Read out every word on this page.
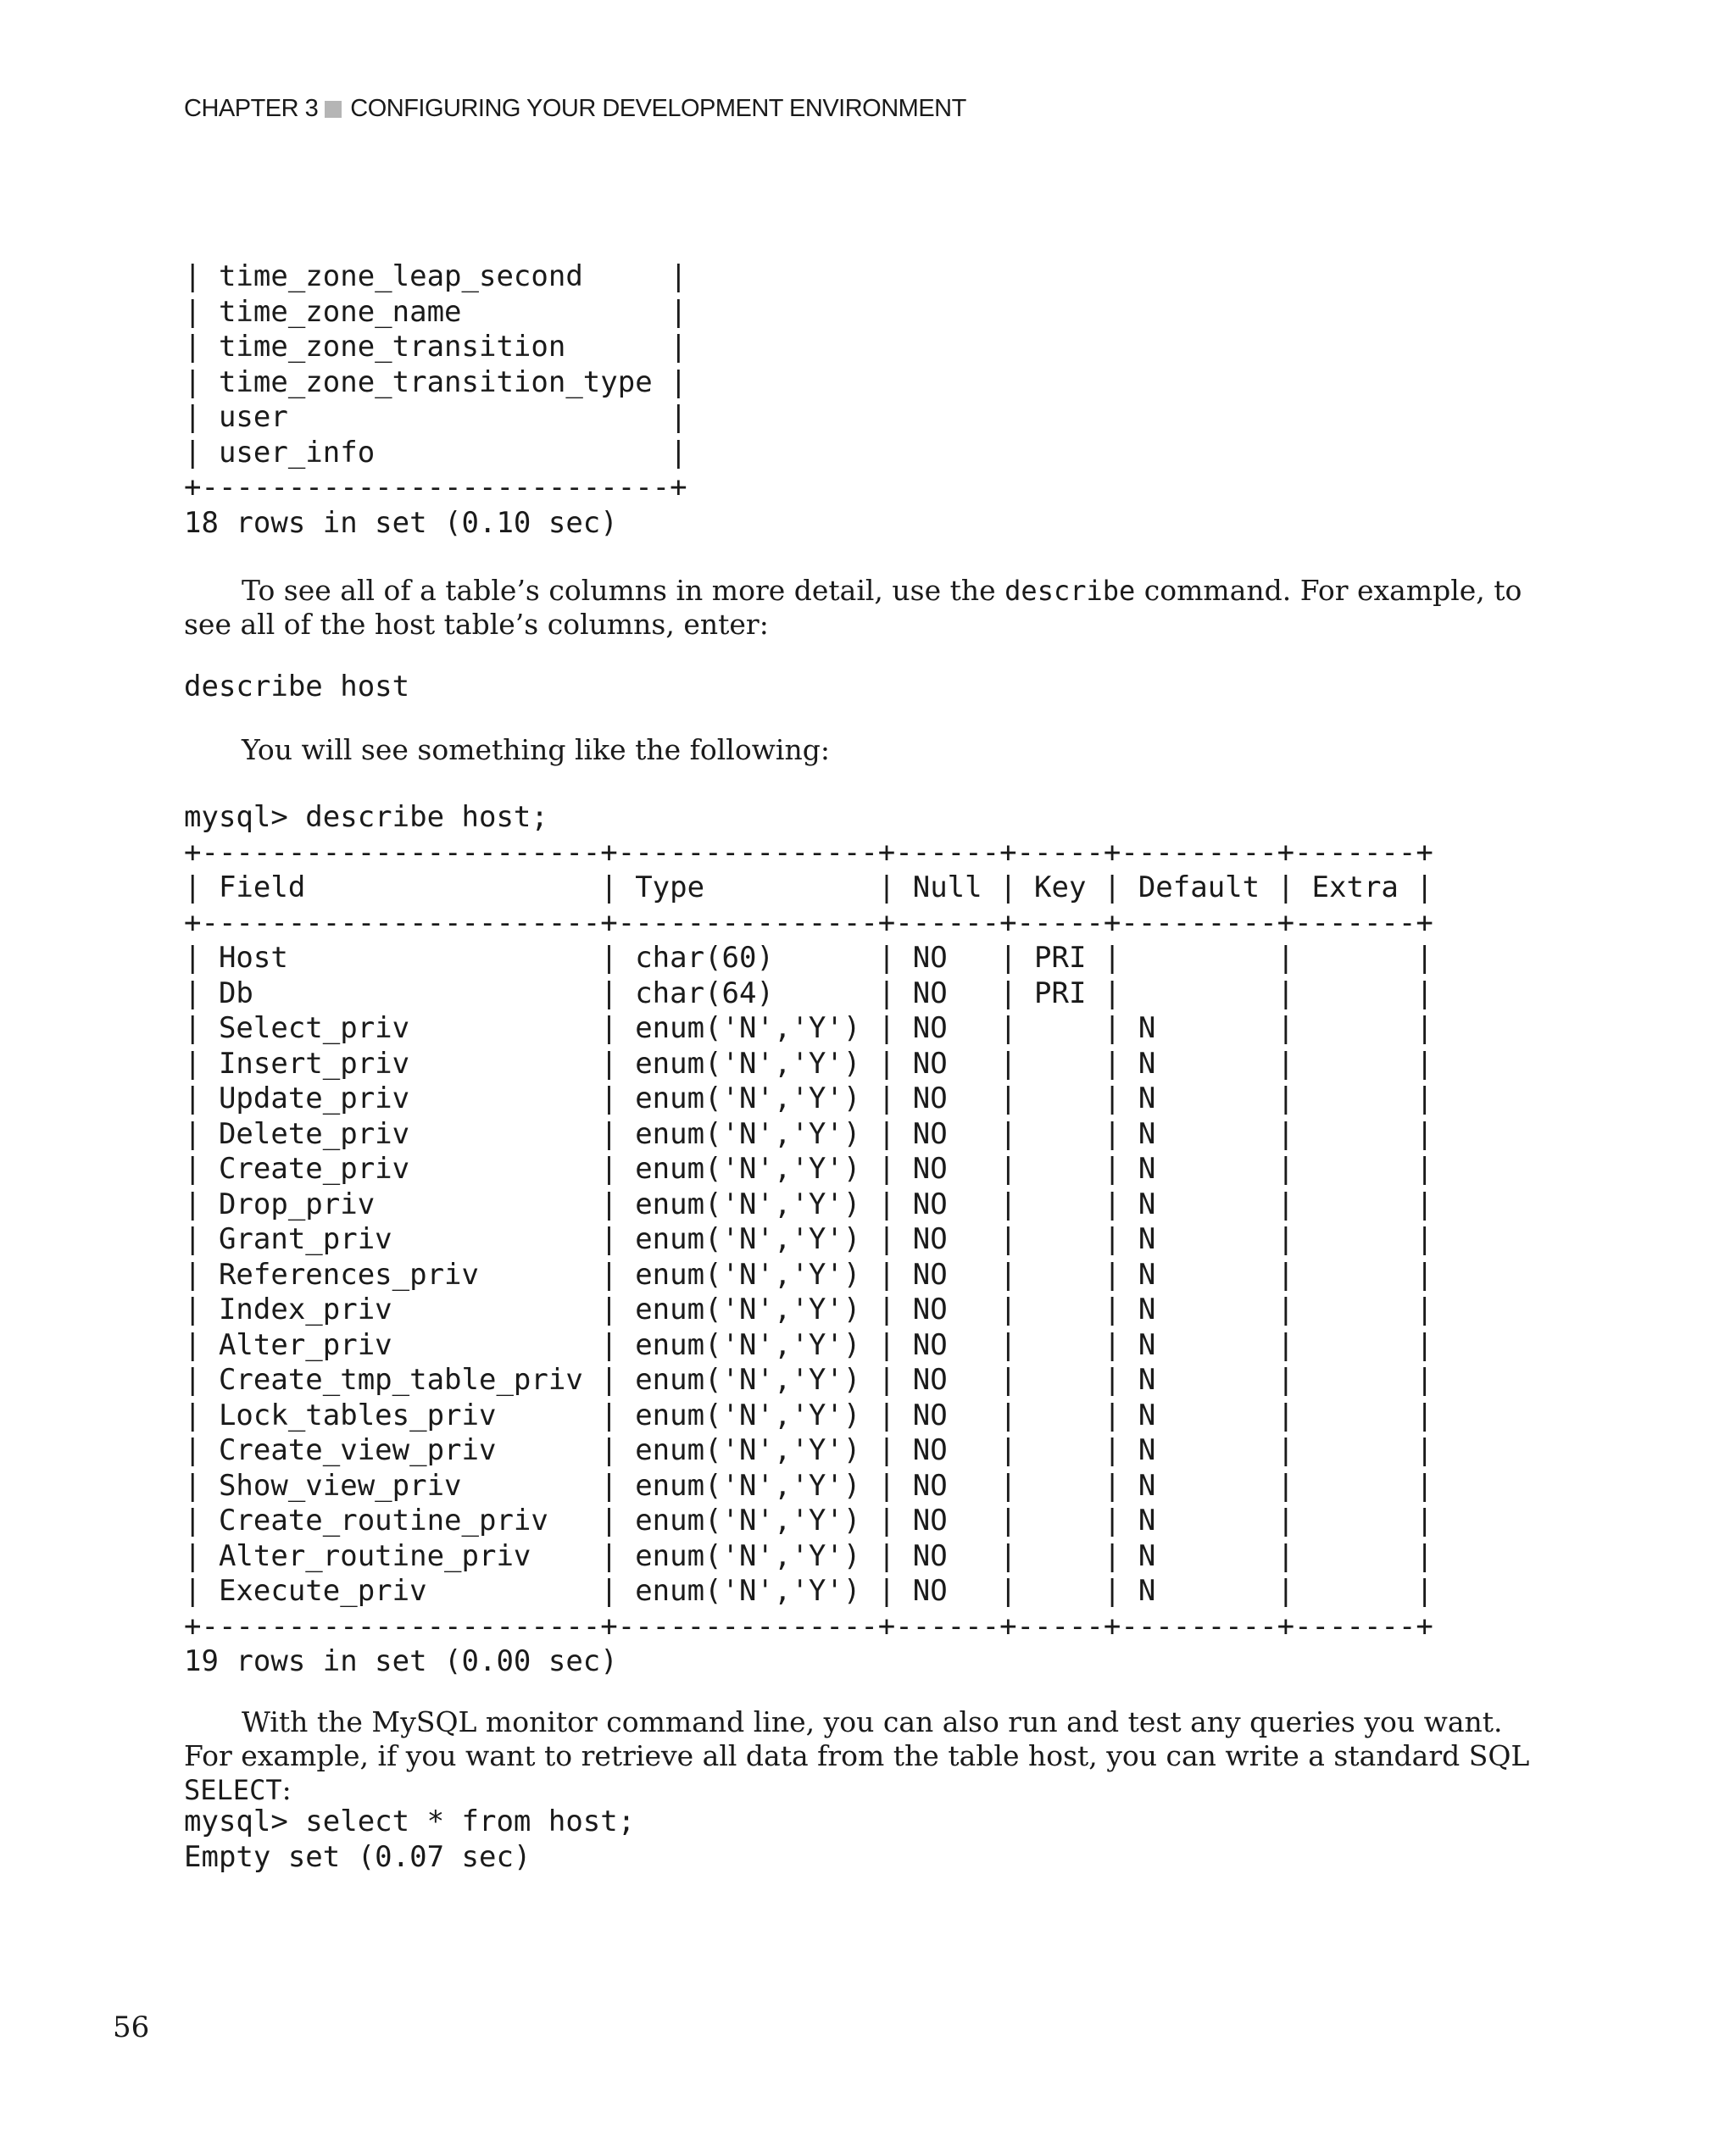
CHAPTER 3 CONFIGURING YOUR DEVELOPMENT ENVIRONMENT
| time_zone_leap_second     |
| time_zone_name            |
| time_zone_transition      |
| time_zone_transition_type |
| user                      |
| user_info                 |
+---------------------------+
18 rows in set (0.10 sec)

To see all of a table’s columns in more detail, use the describe command. For example, to see all of the host table’s columns, enter:

describe host

You will see something like the following:

mysql> describe host;
+-----------------------+---------------+------+-----+---------+-------+
| Field                 | Type          | Null | Key | Default | Extra |
+-----------------------+---------------+------+-----+---------+-------+
| Host                  | char(60)      | NO   | PRI |         |       |
| Db                    | char(64)      | NO   | PRI |         |       |
| Select_priv           | enum('N','Y') | NO   |     | N       |       |
| Insert_priv           | enum('N','Y') | NO   |     | N       |       |
| Update_priv           | enum('N','Y') | NO   |     | N       |       |
| Delete_priv           | enum('N','Y') | NO   |     | N       |       |
| Create_priv           | enum('N','Y') | NO   |     | N       |       |
| Drop_priv             | enum('N','Y') | NO   |     | N       |       |
| Grant_priv            | enum('N','Y') | NO   |     | N       |       |
| References_priv       | enum('N','Y') | NO   |     | N       |       |
| Index_priv            | enum('N','Y') | NO   |     | N       |       |
| Alter_priv            | enum('N','Y') | NO   |     | N       |       |
| Create_tmp_table_priv | enum('N','Y') | NO   |     | N       |       |
| Lock_tables_priv      | enum('N','Y') | NO   |     | N       |       |
| Create_view_priv      | enum('N','Y') | NO   |     | N       |       |
| Show_view_priv        | enum('N','Y') | NO   |     | N       |       |
| Create_routine_priv   | enum('N','Y') | NO   |     | N       |       |
| Alter_routine_priv    | enum('N','Y') | NO   |     | N       |       |
| Execute_priv          | enum('N','Y') | NO   |     | N       |       |
+-----------------------+---------------+------+-----+---------+-------+
19 rows in set (0.00 sec)

With the MySQL monitor command line, you can also run and test any queries you want. For example, if you want to retrieve all data from the table host, you can write a standard SQL SELECT:

mysql> select * from host;
Empty set (0.07 sec)
56
